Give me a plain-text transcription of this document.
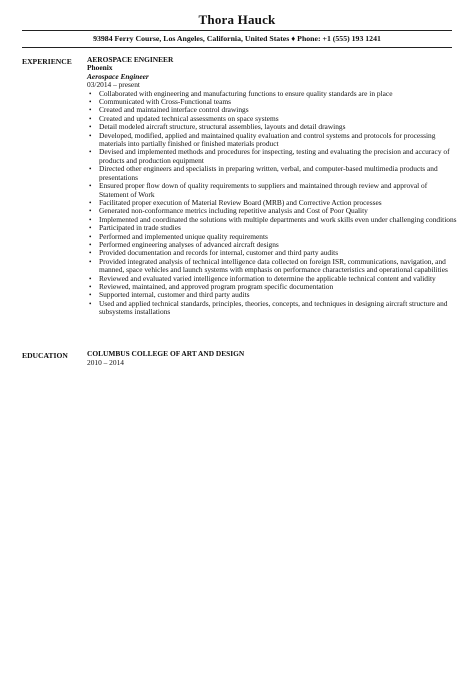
Thora Hauck
93984 Ferry Course, Los Angeles, California, United States ♦ Phone: +1 (555) 193 1241
EXPERIENCE AEROSPACE ENGINEER
Phoenix
Aerospace Engineer
03/2014 – present
• Collaborated with engineering and manufacturing functions to ensure quality standards are in place
• Communicated with Cross-Functional teams
• Created and maintained interface control drawings
• Created and updated technical assessments on space systems
• Detail modeled aircraft structure, structural assemblies, layouts and detail drawings
• Developed, modified, applied and maintained quality evaluation and control systems and protocols for processing materials into partially finished or finished materials product
• Devised and implemented methods and procedures for inspecting, testing and evaluating the precision and accuracy of products and production equipment
• Directed other engineers and specialists in preparing written, verbal, and computer-based multimedia products and presentations
• Ensured proper flow down of quality requirements to suppliers and maintained through review and approval of Statement of Work
• Facilitated proper execution of Material Review Board (MRB) and Corrective Action processes
• Generated non-conformance metrics including repetitive analysis and Cost of Poor Quality
• Implemented and coordinated the solutions with multiple departments and work skills even under challenging conditions
• Participated in trade studies
• Performed and implemented unique quality requirements
• Performed engineering analyses of advanced aircraft designs
• Provided documentation and records for internal, customer and third party audits
• Provided integrated analysis of technical intelligence data collected on foreign ISR, communications, navigation, and manned, space vehicles and launch systems with emphasis on performance characteristics and operational capabilities
• Reviewed and evaluated varied intelligence information to determine the applicable technical content and validity
• Reviewed, maintained, and approved program program specific documentation
• Supported internal, customer and third party audits
• Used and applied technical standards, principles, theories, concepts, and techniques in designing aircraft structure and subsystems installations
EDUCATION	COLUMBUS COLLEGE OF ART AND DESIGN
2010 – 2014
